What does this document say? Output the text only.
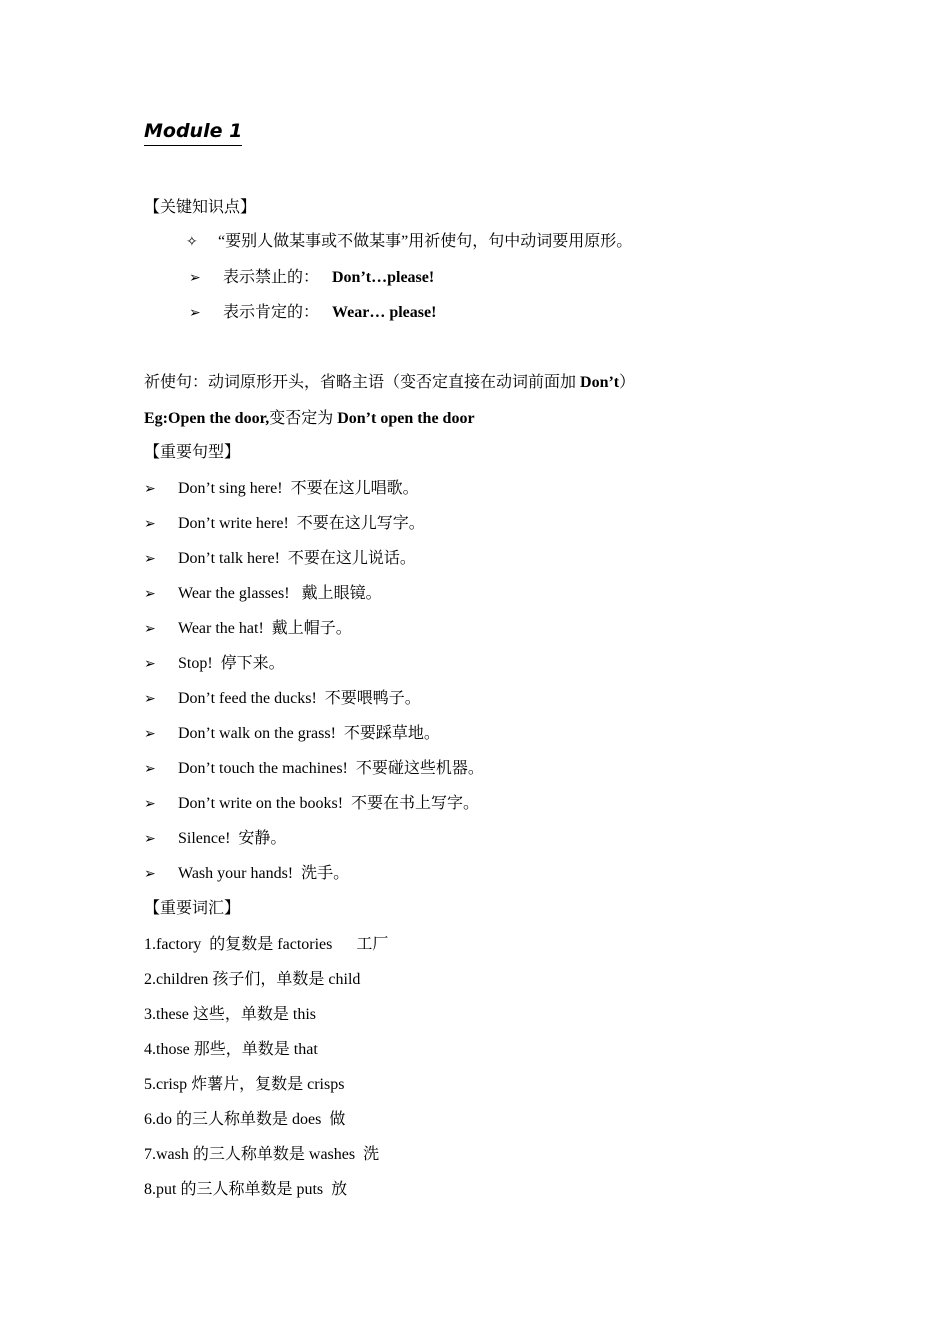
Module 1
【关键知识点】
✧ “要别人做某事或不做某事”用祈使句，句中动词要用原形。
➢ 表示禁止的： Don’t…please!
➢ 表示肯定的： Wear… please!
祈使句：动词原形开头，省略主语（变否定直接在动词前面加 Don’t）
Eg:Open the door,变否定为 Don’t open the door
【重要句型】
➢ Don’t sing here! 不要在这儿唱歌。
➢ Don’t write here! 不要在这儿写字。
➢ Don’t talk here! 不要在这儿说话。
➢ Wear the glasses! 戴上眼镜。
➢ Wear the hat! 戴上帽子。
➢ Stop! 停下来。
➢ Don’t feed the ducks! 不要喂鸭子。
➢ Don’t walk on the grass! 不要踩草地。
➢ Don’t touch the machines! 不要碰这些机器。
➢ Don’t write on the books! 不要在书上写字。
➢ Silence! 安静。
➢ Wash your hands! 洗手。
【重要词汇】
1.factory  的复数是 factories      工厂
2.children 孩子们，单数是 child
3.these 这些，单数是 this
4.those 那些，单数是 that
5.crisp 炸薯片，复数是 crisps
6.do 的三人称单数是 does  做
7.wash 的三人称单数是 washes  洗
8.put 的三人称单数是 puts  放
